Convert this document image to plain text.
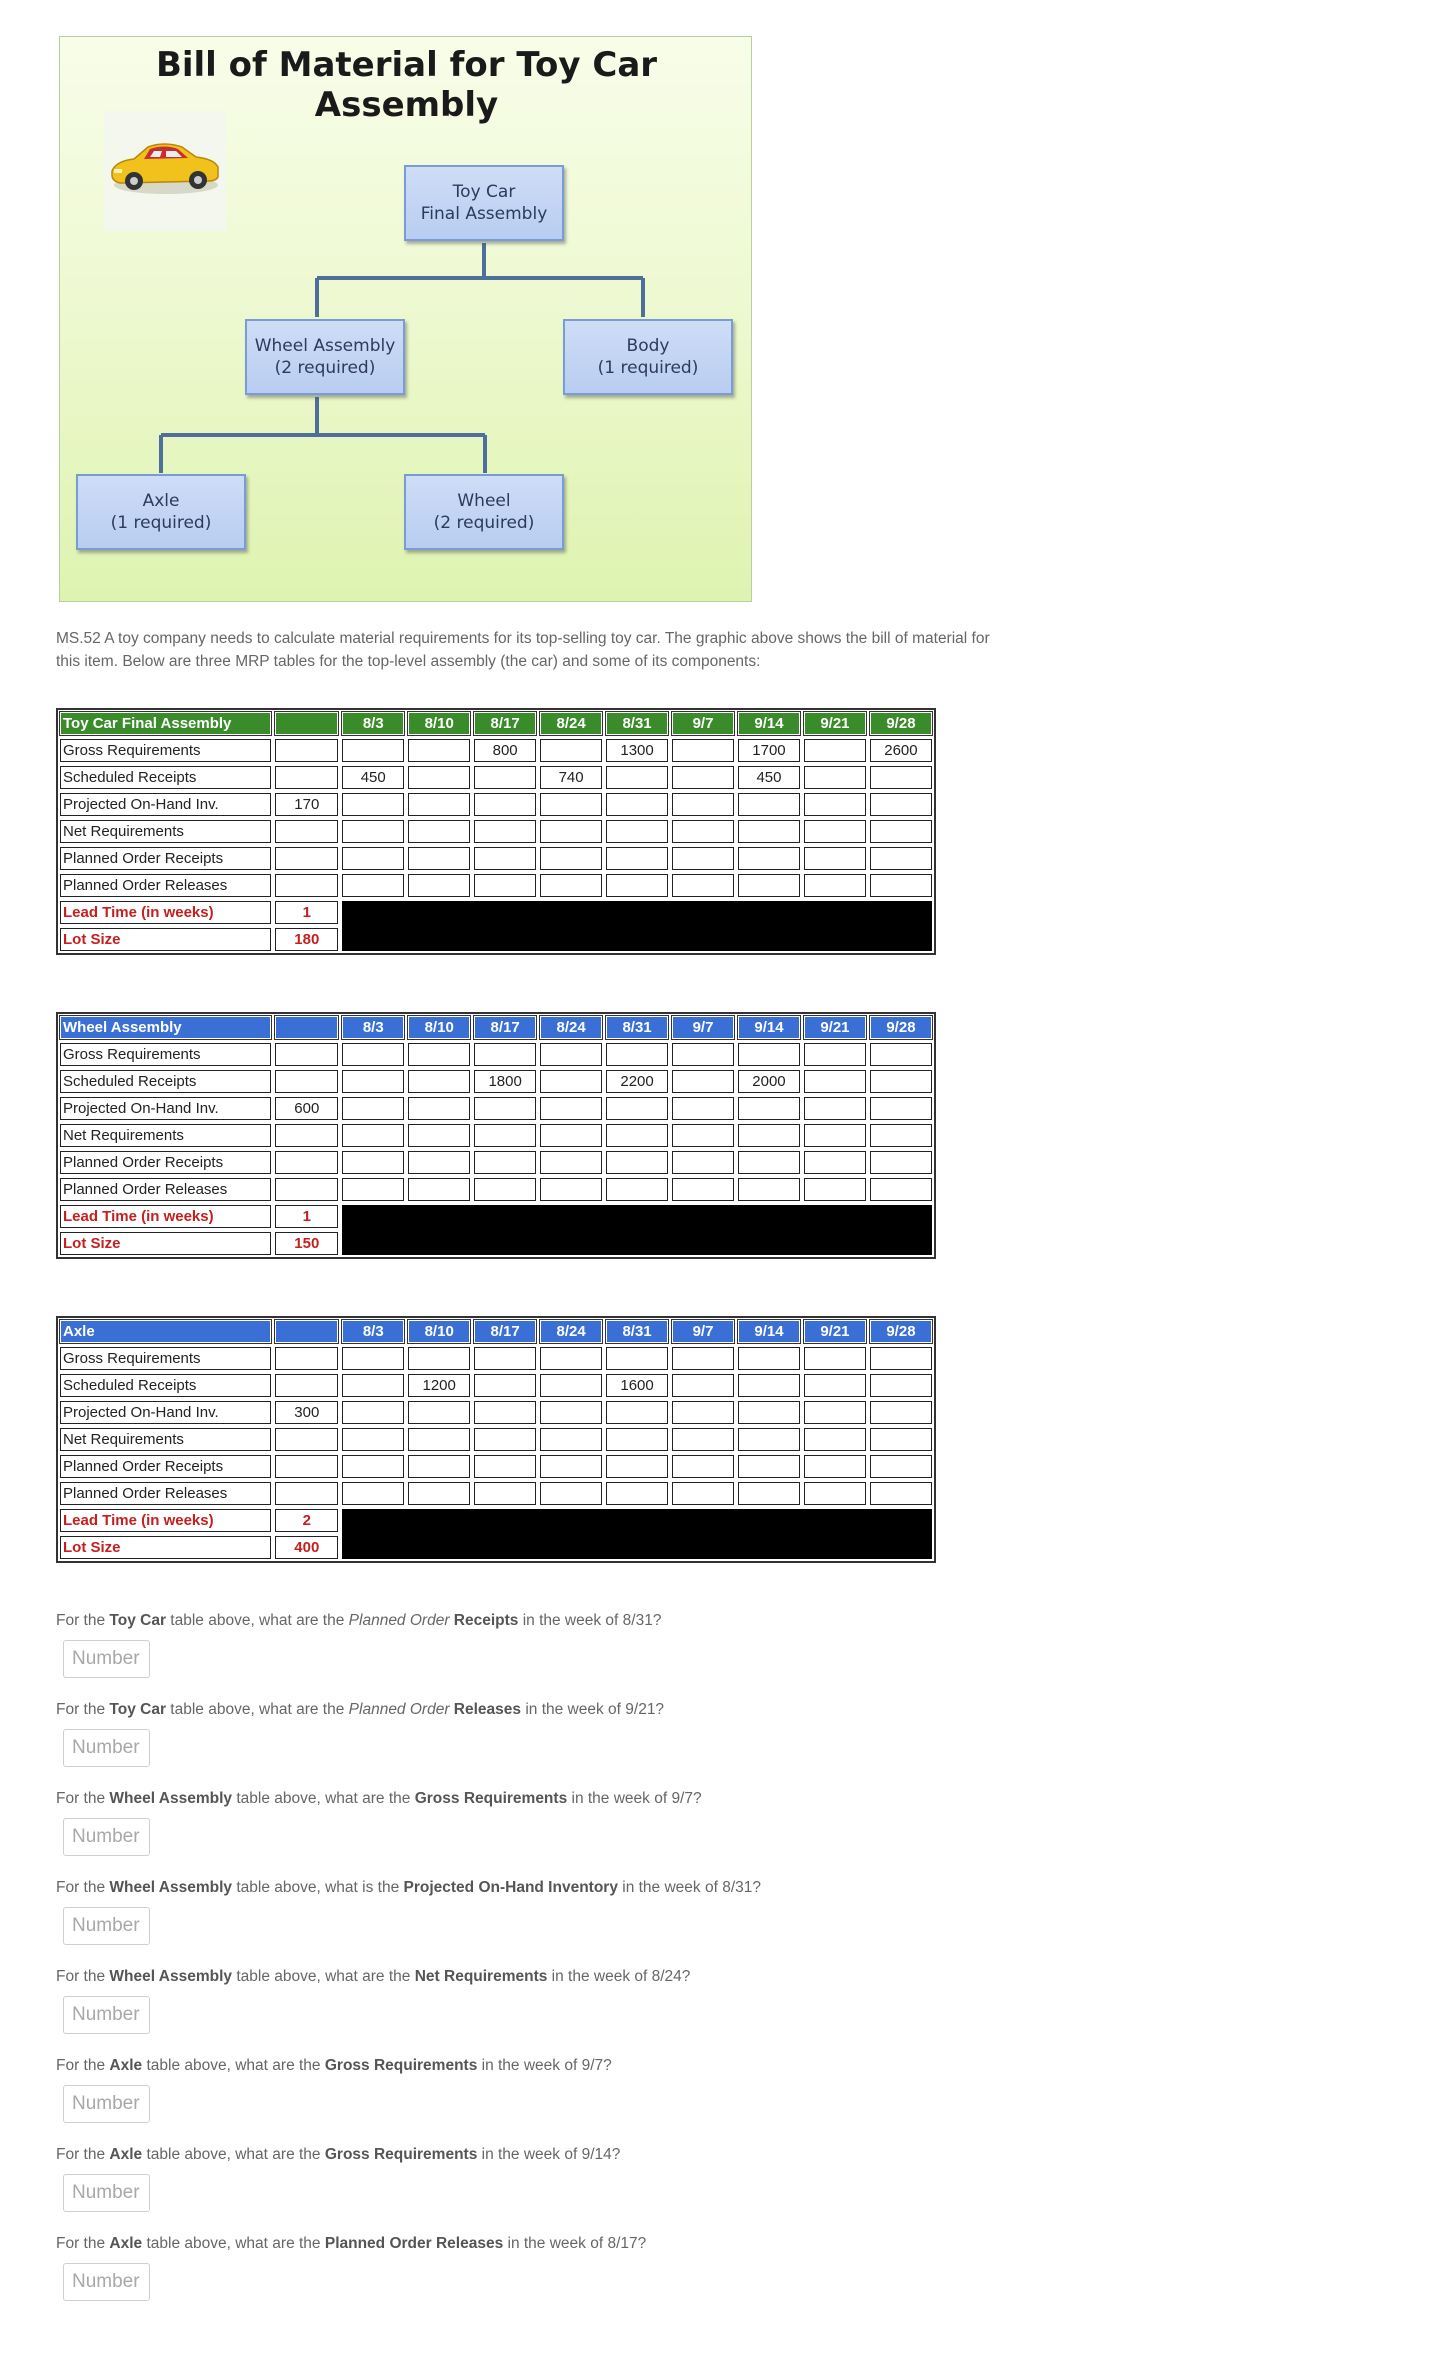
Bill of Material for Toy Car Assembly
Toy Car
Final Assembly
Wheel Assembly
(2 required)
Body
(1 required)
Axle
(1 required)
Wheel
(2 required)
MS.52 A toy company needs to calculate material requirements for its top-selling toy car. The graphic above shows the bill of material for this item. Below are three MRP tables for the top-level assembly (the car) and some of its components:
Toy Car Final Assembly		8/3	8/10	8/17	8/24	8/31	9/7	9/14	9/21	9/28
Gross Requirements				800		1300		1700		2600
Scheduled Receipts		450			740			450		
Projected On-Hand Inv.	170									
Net Requirements										
Planned Order Receipts										
Planned Order Releases										
Lead Time (in weeks)	1									
Lot Size	180									
Wheel Assembly		8/3	8/10	8/17	8/24	8/31	9/7	9/14	9/21	9/28
Gross Requirements										
Scheduled Receipts				1800		2200		2000		
Projected On-Hand Inv.	600									
Net Requirements										
Planned Order Receipts										
Planned Order Releases										
Lead Time (in weeks)	1									
Lot Size	150									
Axle		8/3	8/10	8/17	8/24	8/31	9/7	9/14	9/21	9/28
Gross Requirements										
Scheduled Receipts			1200			1600				
Projected On-Hand Inv.	300									
Net Requirements										
Planned Order Receipts										
Planned Order Releases										
Lead Time (in weeks)	2									
Lot Size	400									
For the Toy Car table above, what are the Planned Order Receipts in the week of 8/31?
Number
For the Toy Car table above, what are the Planned Order Releases in the week of 9/21?
Number
For the Wheel Assembly table above, what are the Gross Requirements in the week of 9/7?
Number
For the Wheel Assembly table above, what is the Projected On-Hand Inventory in the week of 8/31?
Number
For the Wheel Assembly table above, what are the Net Requirements in the week of 8/24?
Number
For the Axle table above, what are the Gross Requirements in the week of 9/7?
Number
For the Axle table above, what are the Gross Requirements in the week of 9/14?
Number
For the Axle table above, what are the Planned Order Releases in the week of 8/17?
Number
